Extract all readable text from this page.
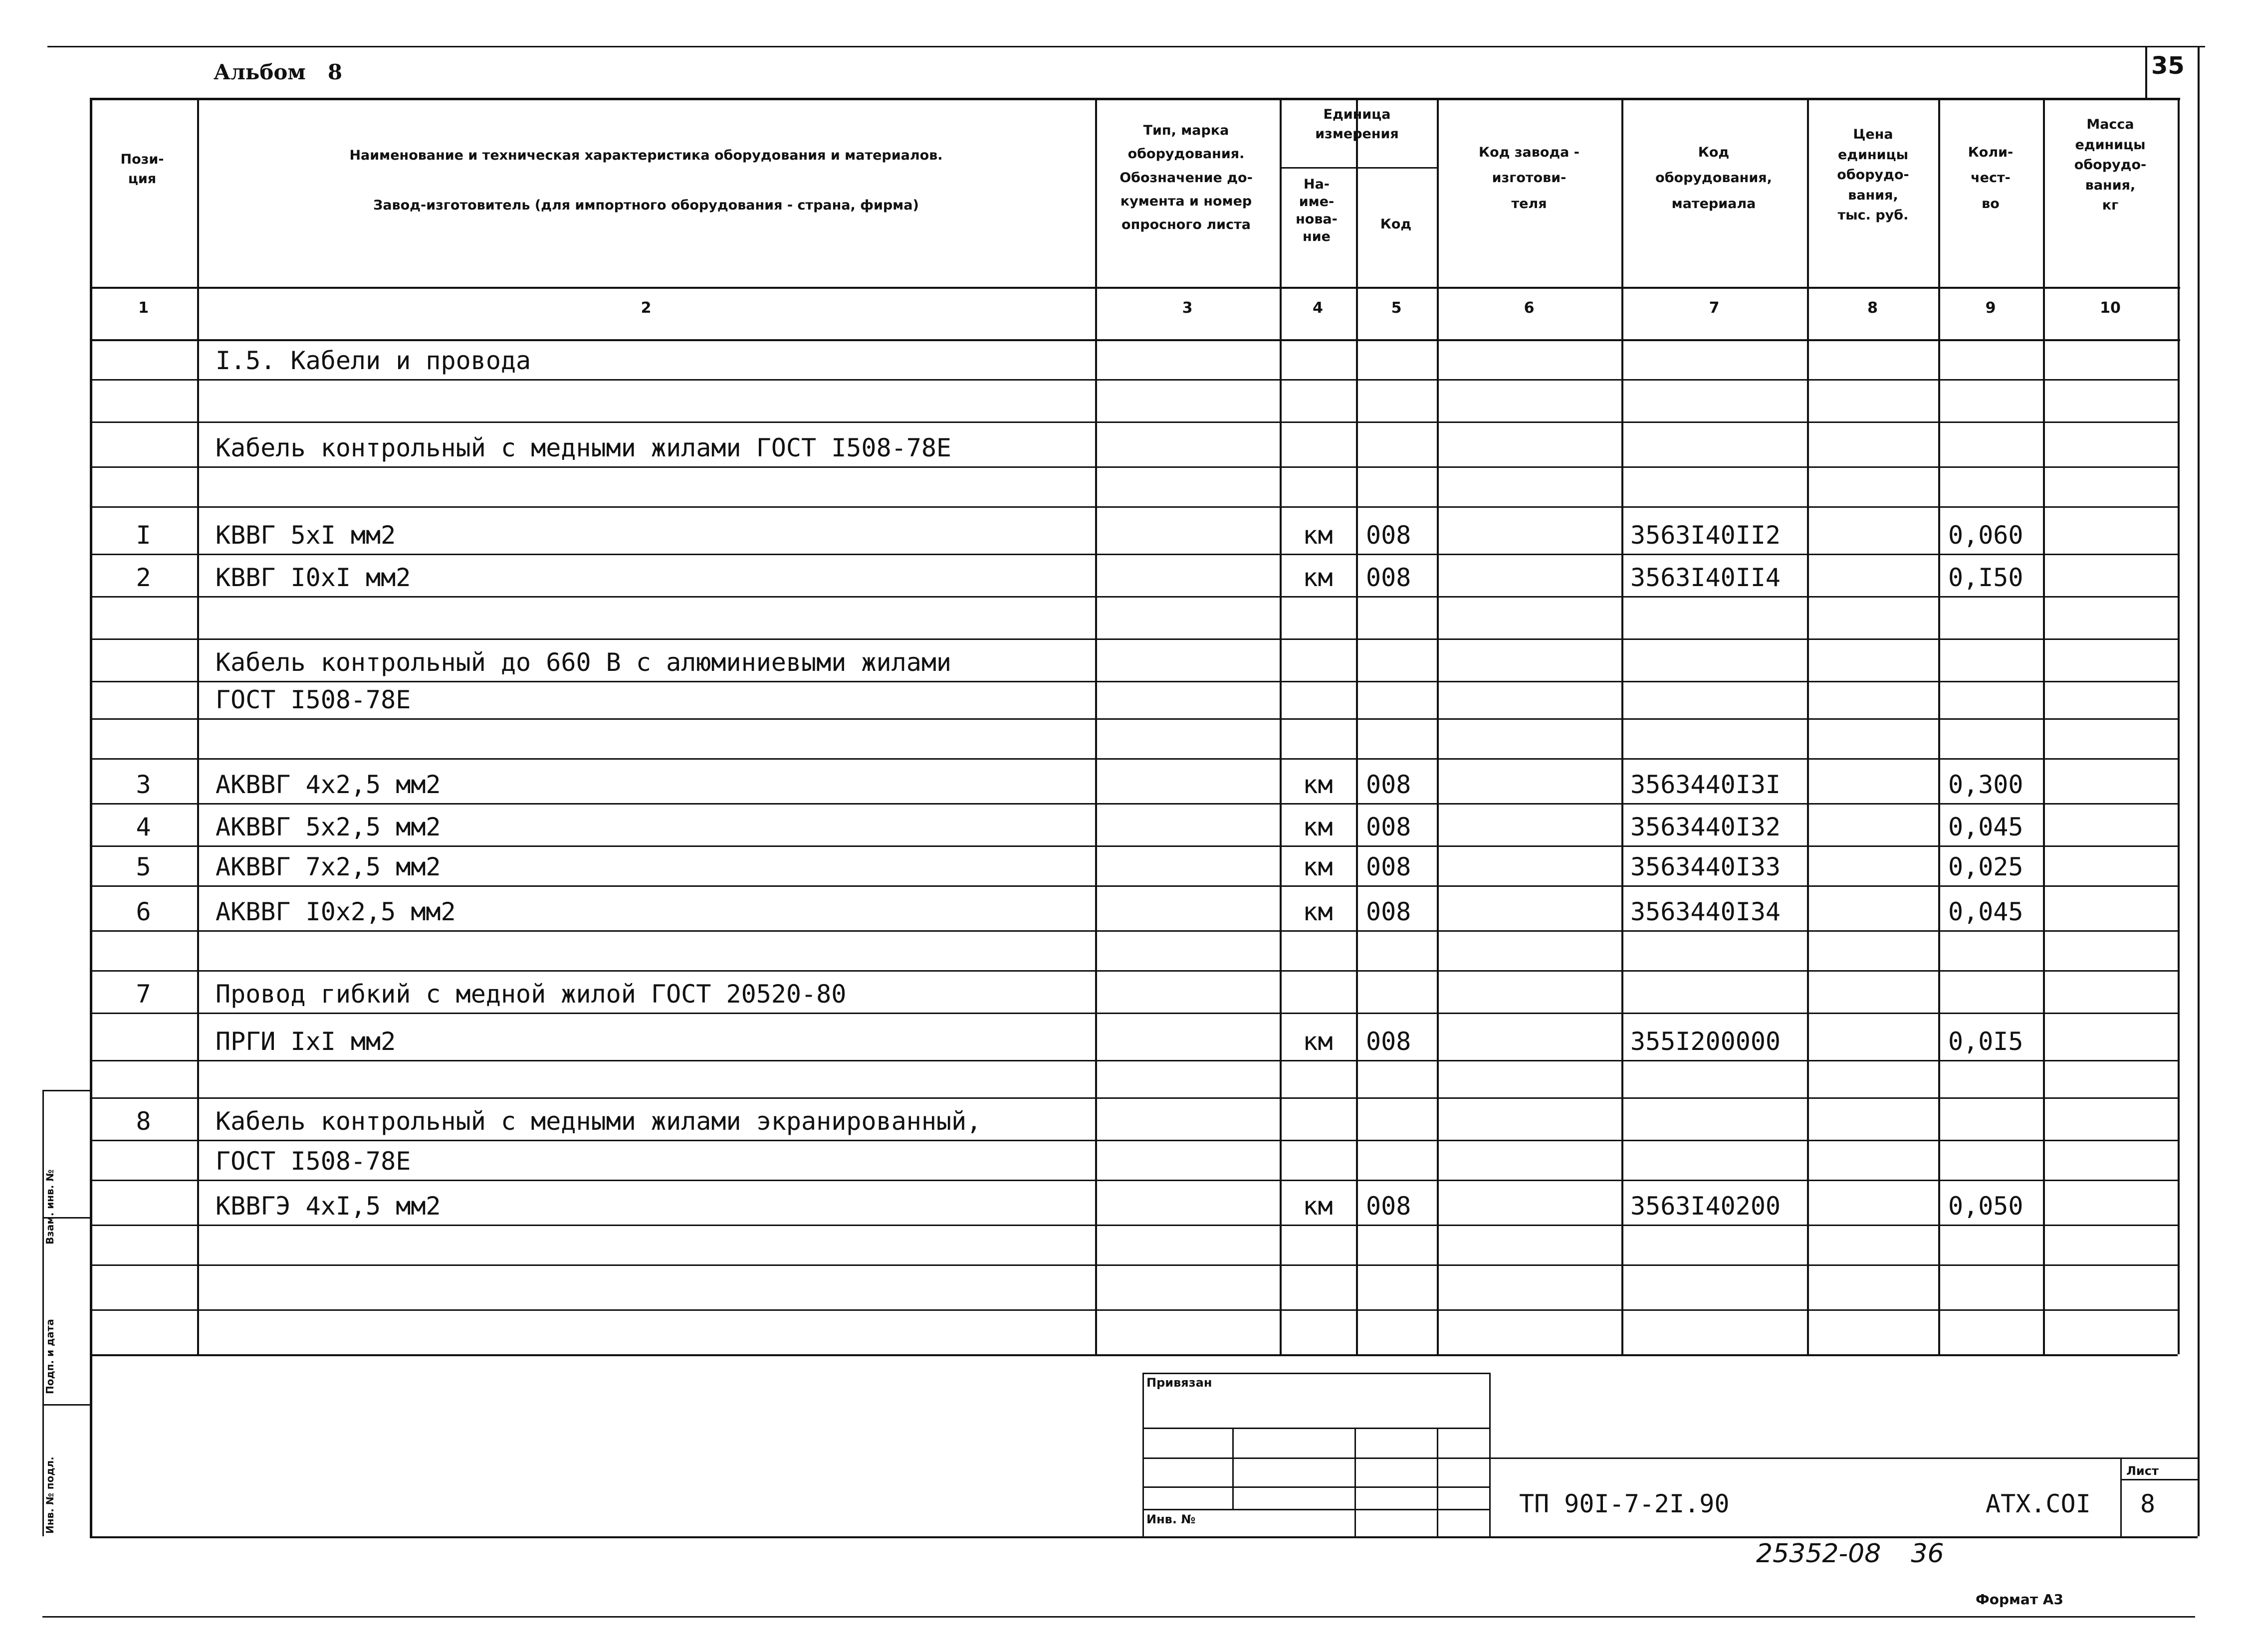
1	2	3	4	5	6	7	8	9	10
I.5. Кабели и провода
Кабель контрольный с медными жилами ГОСТ I508-78E
I	КВВГ 5хI мм2	км	008	3563I40II2	0,060
2	КВВГ I0хI мм2	км	008	3563I40II4	0,I50
Кабель контрольный до 660 В с алюминиевыми жилами
ГОСТ I508-78E
3	АКВВГ 4х2,5 мм2	км	008	3563440I3I	0,300
4	АКВВГ 5х2,5 мм2	км	008	3563440I32	0,045
5	АКВВГ 7х2,5 мм2	км	008	3563440I33	0,025
6	АКВВГ I0х2,5 мм2	км	008	3563440I34	0,045
7	Провод гибкий с медной жилой ГОСТ 20520-80
ПРГИ IхI мм2	км	008	355I200000	0,0I5
8	Кабель контрольный с медными жилами экранированный,
ГОСТ I508-78E
КВВГЭ 4хI,5 мм2	км	008	3563I40200	0,050
Альбом 8	35
Пози-
ция
Наименование и техническая характеристика оборудования и материалов.
Завод-изготовитель (для импортного оборудования - страна, фирма)
Тип, марка
оборудования.
Обозначение до-
кумента и номер
опросного листа
Единица
измерения
На-
име-
нова-
ние
Код
Код завода -
изготови-
теля
Код
оборудования,
материала
Цена
единицы
оборудо-
вания,
тыс. руб.
Коли-
чест-
во
Масса
единицы
оборудо-
вания,
кг
Привязан
Инв. №
ТП 90I-7-2I.90	АТХ.СОI
Лист
8
Инв. № подл.
Подп. и дата
Взам. инв. №
25352-08 36
Формат А3
